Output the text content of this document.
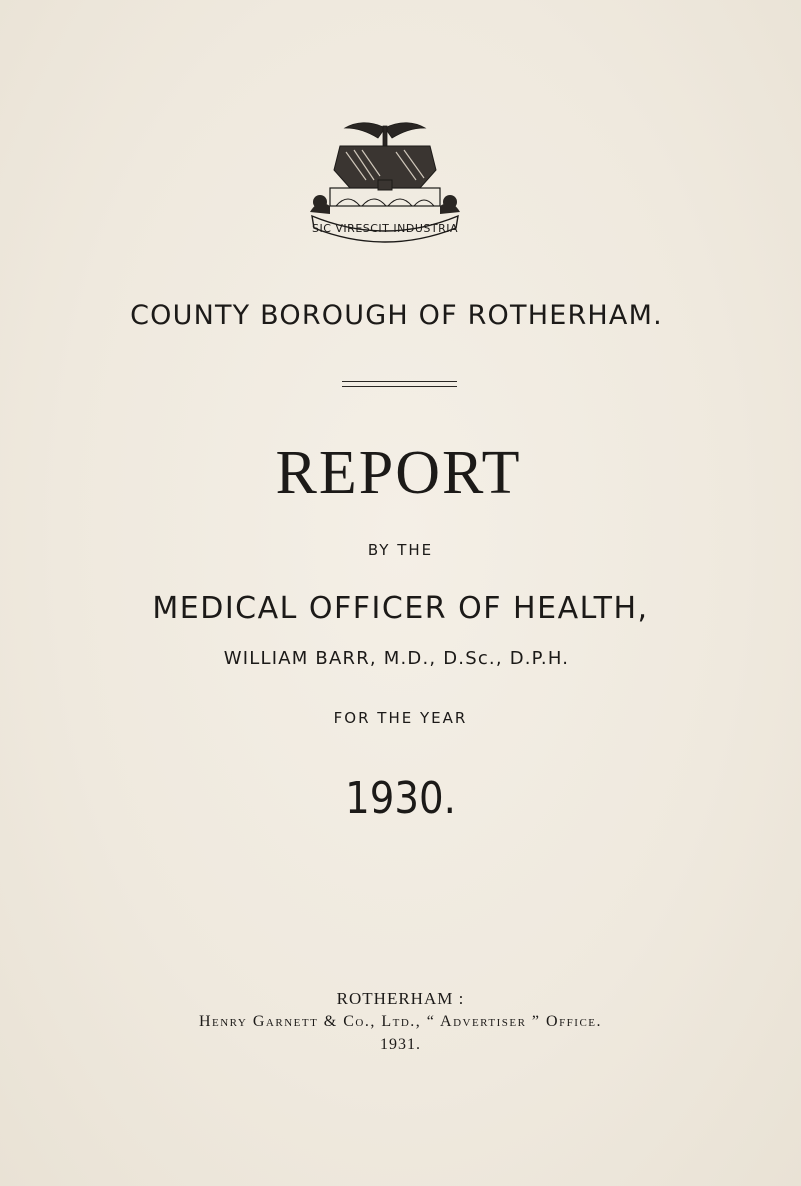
SIC VIRESCIT INDUSTRIA
COUNTY BOROUGH OF ROTHERHAM.
REPORT
BY THE
MEDICAL OFFICER OF HEALTH,
WILLIAM BARR, M.D., D.Sc., D.P.H.
FOR THE YEAR
1930.
ROTHERHAM :
Henry Garnett & Co., Ltd., “ Advertiser ” Office.
1931.
